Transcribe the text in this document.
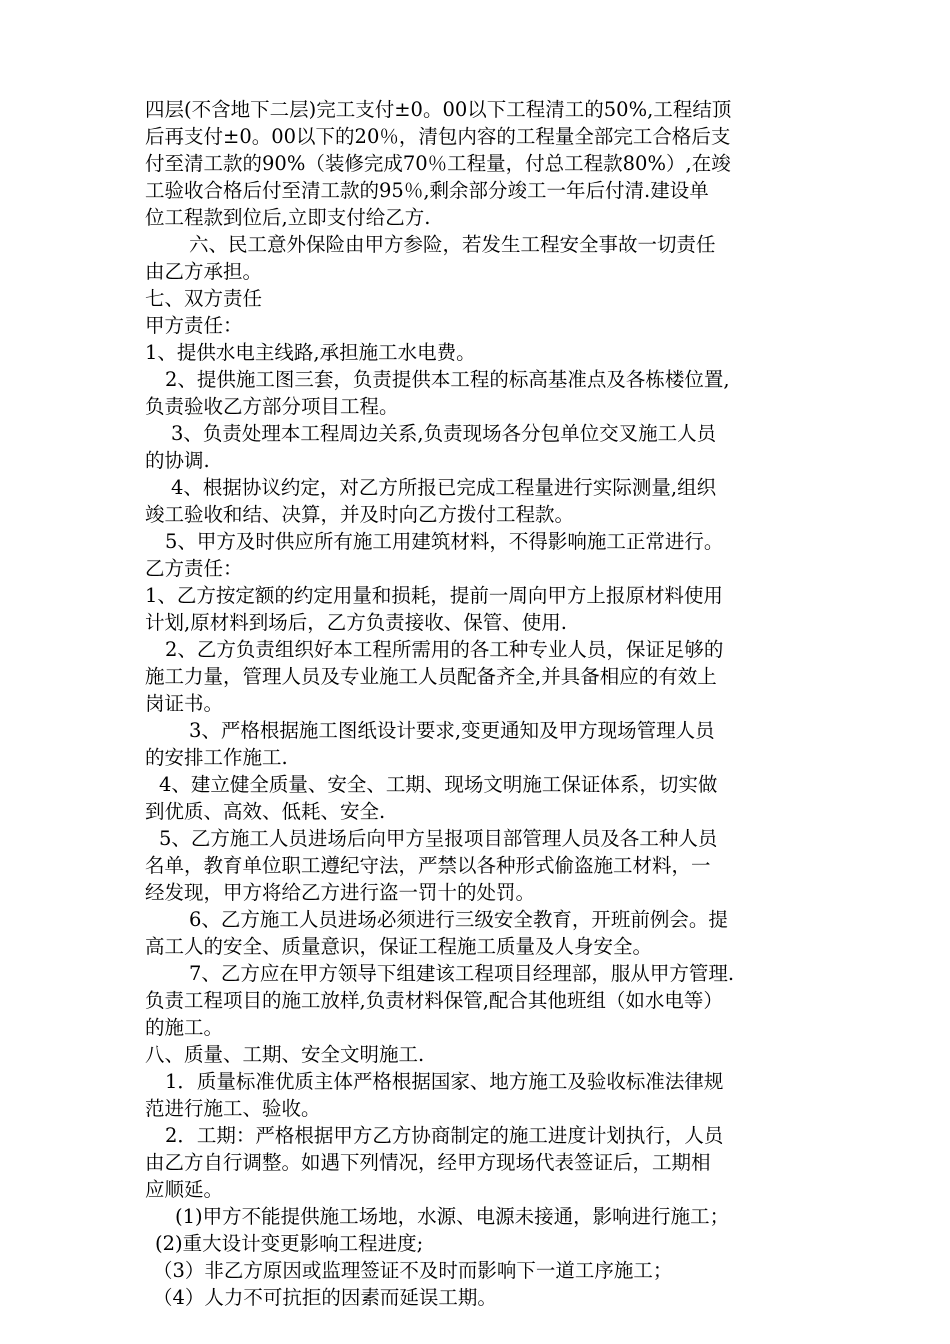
四层(不含地下二层)完工支付±0。00以下工程清工的50%,工程结顶
后再支付±0。00以下的20％，清包内容的工程量全部完工合格后支
付至清工款的90%（装修完成70％工程量，付总工程款80%）,在竣
工验收合格后付至清工款的95％,剩余部分竣工一年后付清.建设单
位工程款到位后,立即支付给乙方.
六、民工意外保险由甲方参险，若发生工程安全事故一切责任
由乙方承担。
七、双方责任
甲方责任：
1、提供水电主线路,承担施工水电费。
2、提供施工图三套，负责提供本工程的标高基准点及各栋楼位置,
负责验收乙方部分项目工程。
3、负责处理本工程周边关系,负责现场各分包单位交叉施工人员
的协调.
4、根据协议约定，对乙方所报已完成工程量进行实际测量,组织
竣工验收和结、决算，并及时向乙方拨付工程款。
5、甲方及时供应所有施工用建筑材料，不得影响施工正常进行。
乙方责任：
1、乙方按定额的约定用量和损耗，提前一周向甲方上报原材料使用
计划,原材料到场后，乙方负责接收、保管、使用.
2、乙方负责组织好本工程所需用的各工种专业人员，保证足够的
施工力量，管理人员及专业施工人员配备齐全,并具备相应的有效上
岗证书。
3、严格根据施工图纸设计要求,变更通知及甲方现场管理人员
的安排工作施工.
4、建立健全质量、安全、工期、现场文明施工保证体系，切实做
到优质、高效、低耗、安全.
5、乙方施工人员进场后向甲方呈报项目部管理人员及各工种人员
名单，教育单位职工遵纪守法，严禁以各种形式偷盗施工材料，一
经发现，甲方将给乙方进行盗一罚十的处罚。
6、乙方施工人员进场必须进行三级安全教育，开班前例会。提
高工人的安全、质量意识，保证工程施工质量及人身安全。
7、乙方应在甲方领导下组建该工程项目经理部，服从甲方管理.
负责工程项目的施工放样,负责材料保管,配合其他班组（如水电等）
的施工。
八、质量、工期、安全文明施工.
1．质量标准优质主体严格根据国家、地方施工及验收标准法律规
范进行施工、验收。
2．工期：严格根据甲方乙方协商制定的施工进度计划执行，人员
由乙方自行调整。如遇下列情况，经甲方现场代表签证后，工期相
应顺延。
(1)甲方不能提供施工场地，水源、电源未接通，影响进行施工；
(2)重大设计变更影响工程进度;
（3）非乙方原因或监理签证不及时而影响下一道工序施工；
（4）人力不可抗拒的因素而延误工期。
